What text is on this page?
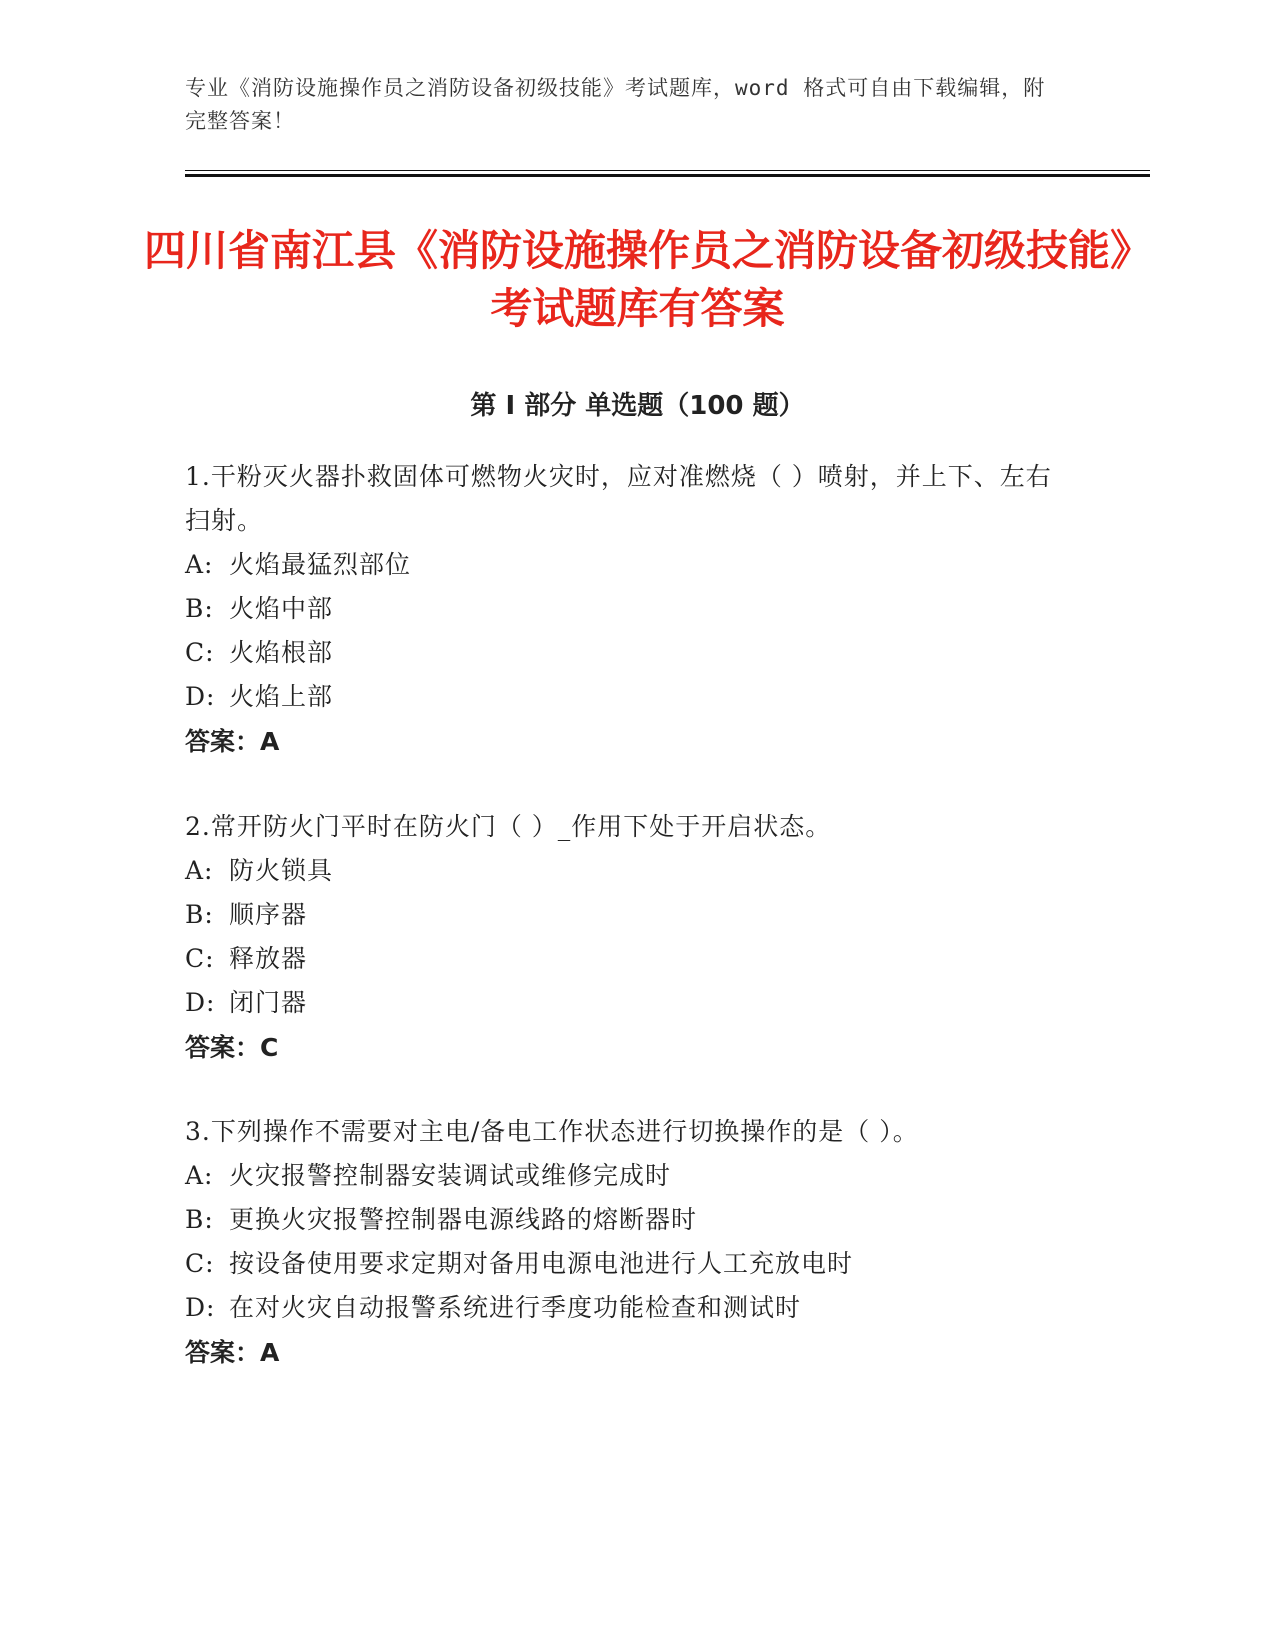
专业《消防设施操作员之消防设备初级技能》考试题库，word 格式可自由下载编辑，附完整答案！
四川省南江县《消防设施操作员之消防设备初级技能》考试题库有答案
第 I 部分 单选题（100 题）
1.干粉灭火器扑救固体可燃物火灾时，应对准燃烧（ ）喷射，并上下、左右扫射。
A: 火焰最猛烈部位
B: 火焰中部
C: 火焰根部
D: 火焰上部
答案：A
2.常开防火门平时在防火门（ ）_作用下处于开启状态。
A: 防火锁具
B: 顺序器
C: 释放器
D: 闭门器
答案：C
3.下列操作不需要对主电/备电工作状态进行切换操作的是（ ）。
A: 火灾报警控制器安装调试或维修完成时
B: 更换火灾报警控制器电源线路的熔断器时
C: 按设备使用要求定期对备用电源电池进行人工充放电时
D: 在对火灾自动报警系统进行季度功能检查和测试时
答案：A
